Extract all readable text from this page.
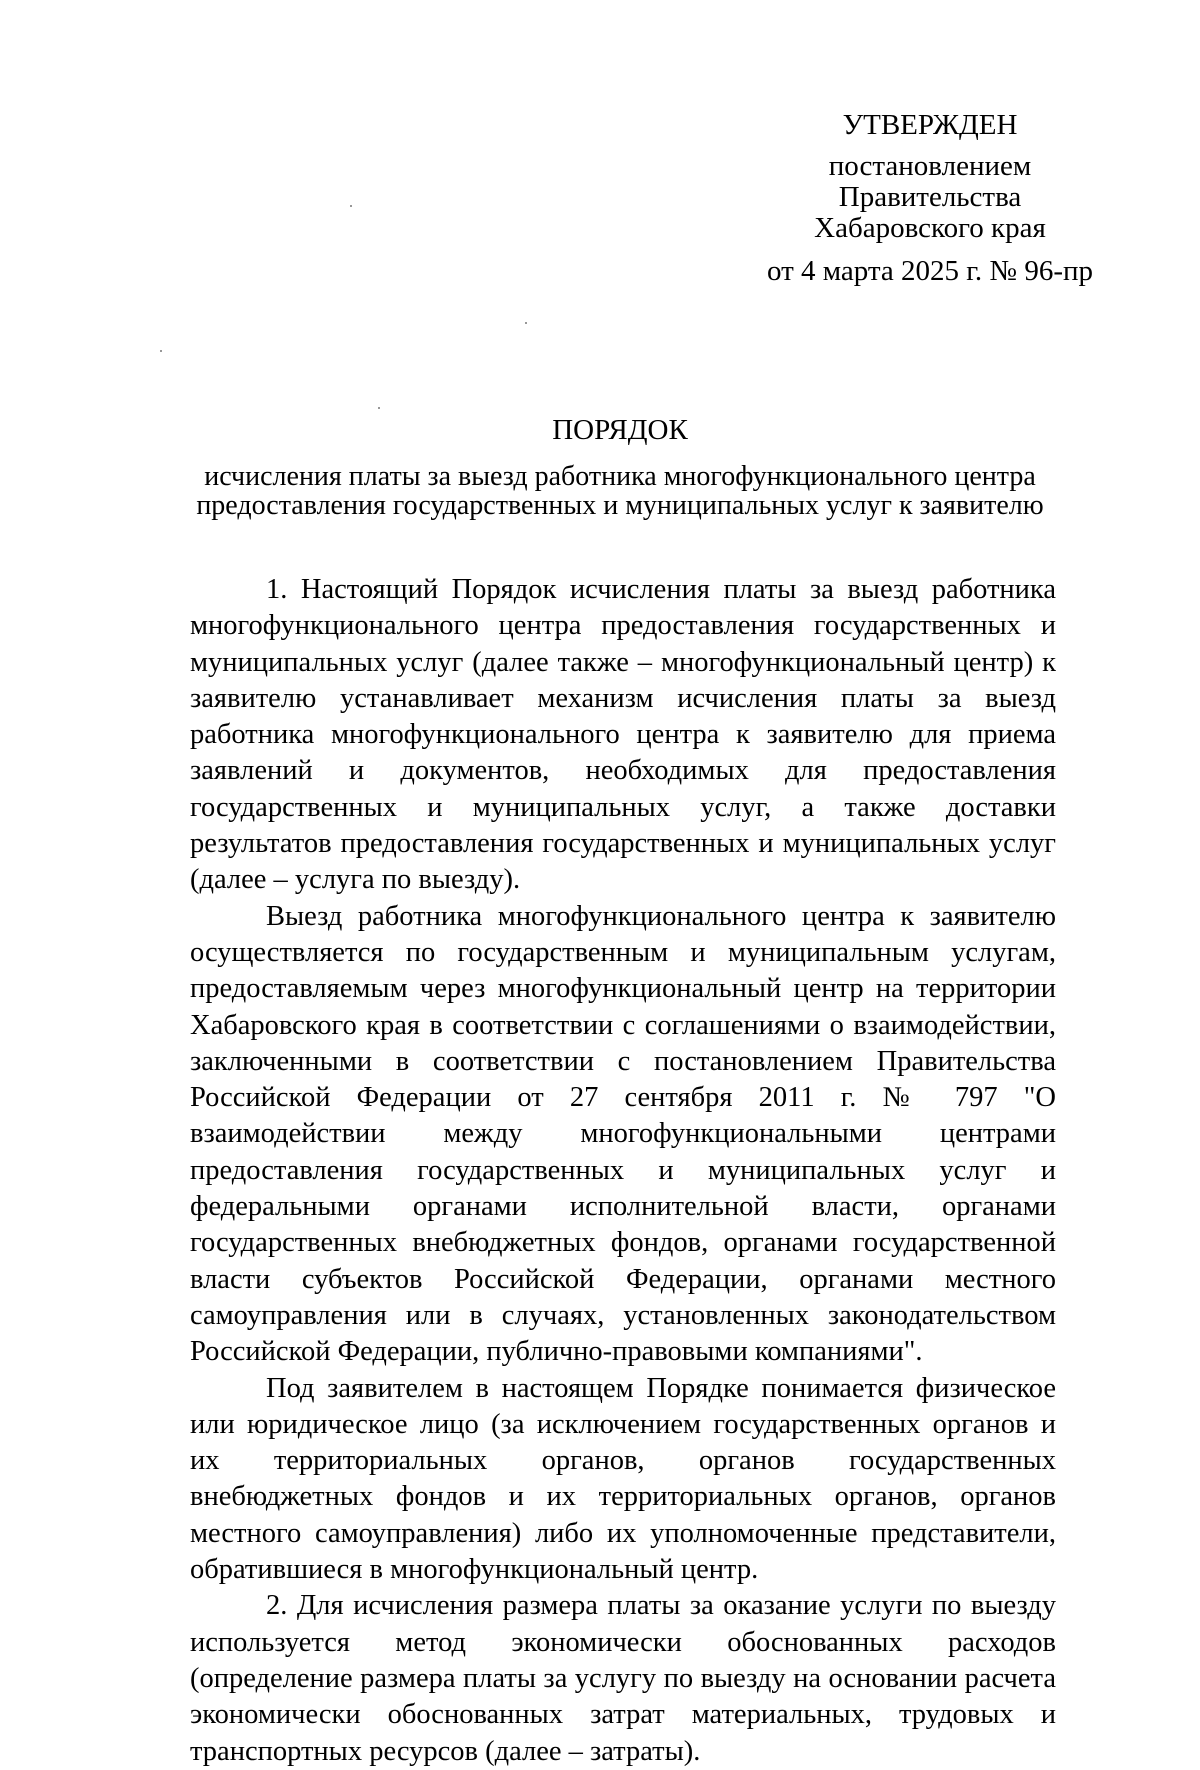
УТВЕРЖДЕН
постановлением
Правительства
Хабаровского края
от 4 марта 2025 г. № 96-пр
ПОРЯДОК
исчисления платы за выезд работника многофункционального центра
предоставления государственных и муниципальных услуг к заявителю

1. Настоящий Порядок исчисления платы за выезд работника многофункционального центра предоставления государственных и муниципальных услуг (далее также – многофункциональный центр) к заявителю устанавливает механизм исчисления платы за выезд работника многофункционального центра к заявителю для приема заявлений и документов, необходимых для предоставления государственных и муниципальных услуг, а также доставки результатов предоставления государственных и муниципальных услуг (далее – услуга по выезду).

Выезд работника многофункционального центра к заявителю осуществляется по государственным и муниципальным услугам, предоставляемым через многофункциональный центр на территории Хабаровского края в соответствии с соглашениями о взаимодействии, заключенными в соответствии с постановлением Правительства Российской Федерации от 27 сентября 2011 г. № 797 "О взаимодействии между многофункциональными центрами предоставления государственных и муниципальных услуг и федеральными органами исполнительной власти, органами государственных внебюджетных фондов, органами государственной власти субъектов Российской Федерации, органами местного самоуправления или в случаях, установленных законодательством Российской Федерации, публично-правовыми компаниями".

Под заявителем в настоящем Порядке понимается физическое или юридическое лицо (за исключением государственных органов и их территориальных органов, органов государственных внебюджетных фондов и их территориальных органов, органов местного самоуправления) либо их уполномоченные представители, обратившиеся в многофункциональный центр.

2. Для исчисления размера платы за оказание услуги по выезду используется метод экономически обоснованных расходов (определение размера платы за услугу по выезду на основании расчета экономически обоснованных затрат материальных, трудовых и транспортных ресурсов (далее – затраты).
